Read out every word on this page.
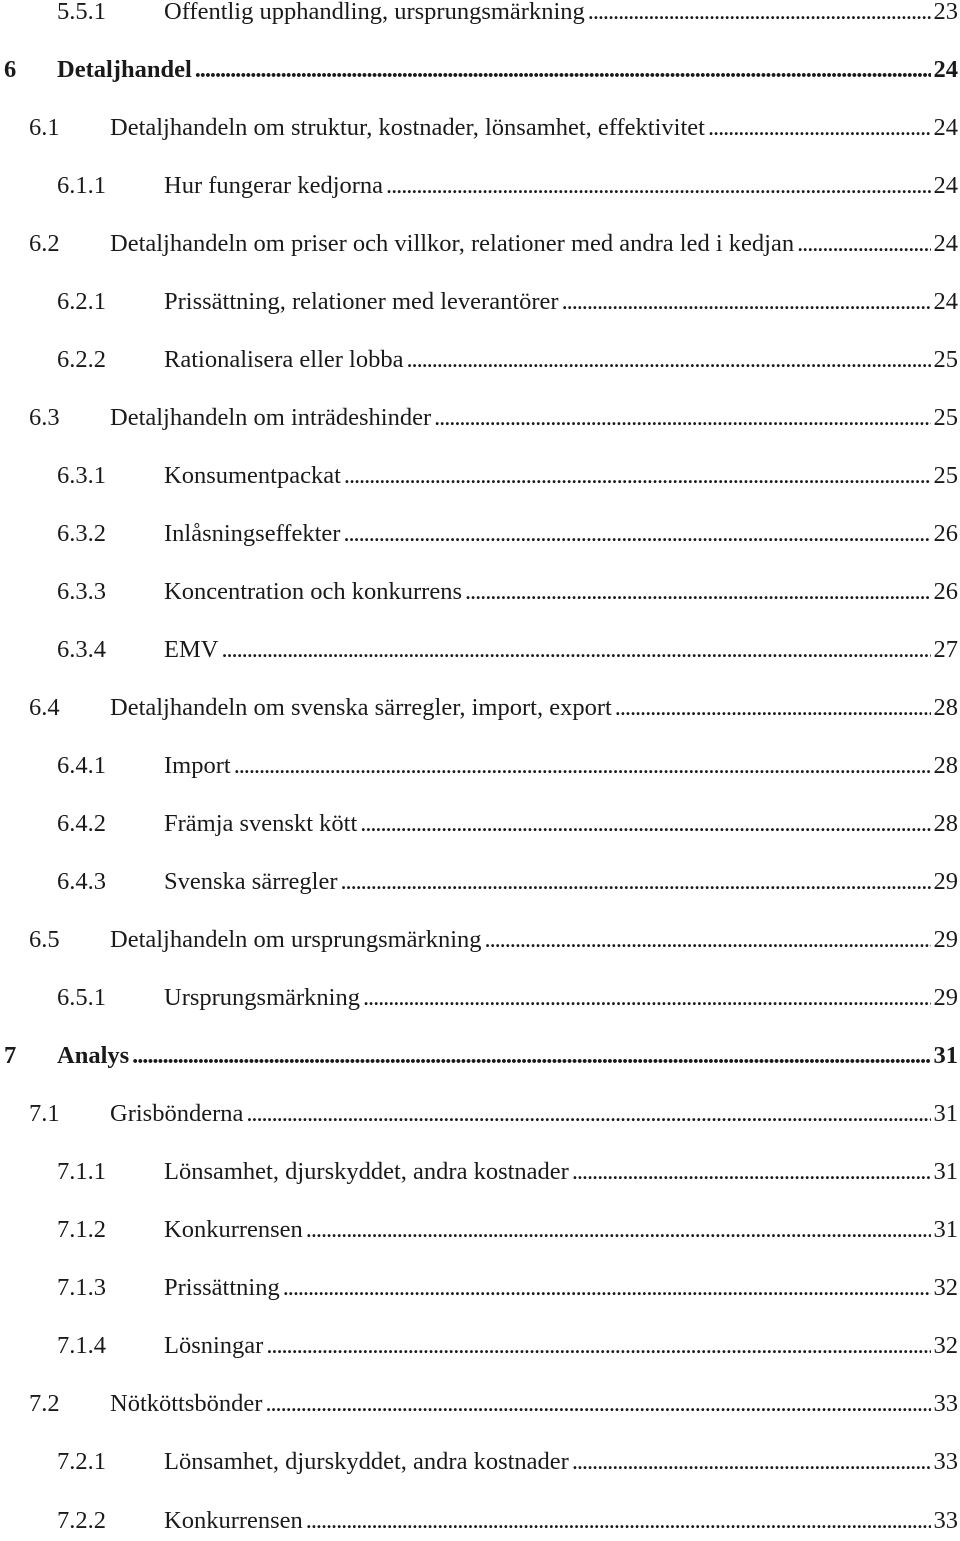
5.5.1 Offentlig upphandling, ursprungsmärkning . . .	23
6 Detaljhandel . . .	24
6.1 Detaljhandeln om struktur, kostnader, lönsamhet, effektivitet . . .	24
6.1.1 Hur fungerar kedjorna . . .	24
6.2 Detaljhandeln om priser och villkor, relationer med andra led i kedjan . . .	24
6.2.1 Prissättning, relationer med leverantörer . . .	24
6.2.2 Rationalisera eller lobba . . .	25
6.3 Detaljhandeln om inträdeshinder . . .	25
6.3.1 Konsumentpackat . . .	25
6.3.2 Inlåsningseffekter . . .	26
6.3.3 Koncentration och konkurrens . . .	26
6.3.4 EMV . . .	27
6.4 Detaljhandeln om svenska särregler, import, export . . .	28
6.4.1 Import . . .	28
6.4.2 Främja svenskt kött . . .	28
6.4.3 Svenska särregler . . .	29
6.5 Detaljhandeln om ursprungsmärkning . . .	29
6.5.1 Ursprungsmärkning . . .	29
7 Analys . . .	31
7.1 Grisbönderna . . .	31
7.1.1 Lönsamhet, djurskyddet, andra kostnader . . .	31
7.1.2 Konkurrensen . . .	31
7.1.3 Prissättning . . .	32
7.1.4 Lösningar . . .	32
7.2 Nötköttsbönder . . .	33
7.2.1 Lönsamhet, djurskyddet, andra kostnader . . .	33
7.2.2 Konkurrensen . . .	33
